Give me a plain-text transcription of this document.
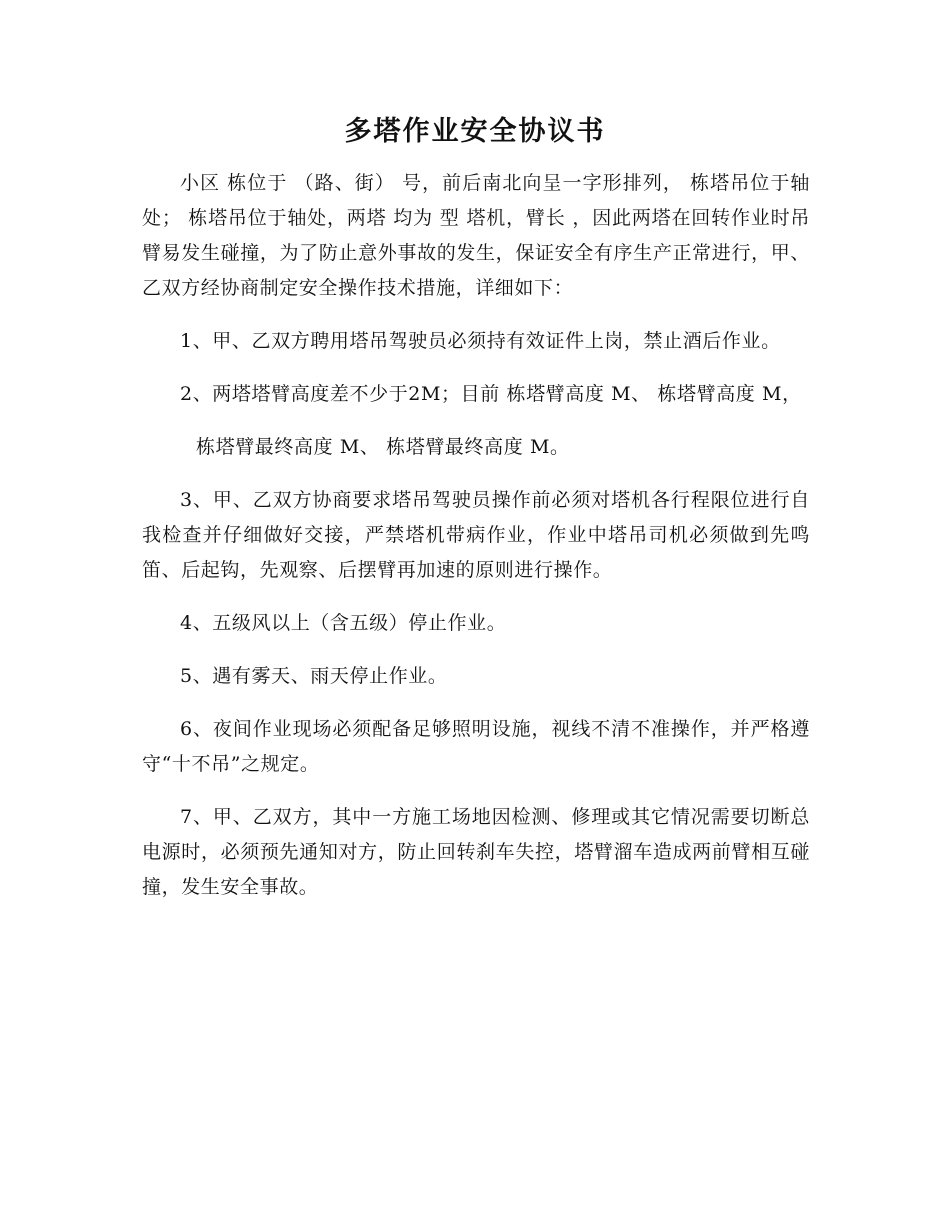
多塔作业安全协议书

小区 栋位于 （路、街） 号，前后南北向呈一字形排列， 栋塔吊位于轴处； 栋塔吊位于轴处，两塔 均为 型 塔机，臂长 ，因此两塔在回转作业时吊臂易发生碰撞，为了防止意外事故的发生，保证安全有序生产正常进行，甲、乙双方经协商制定安全操作技术措施，详细如下：

1、甲、乙双方聘用塔吊驾驶员必须持有效证件上岗，禁止酒后作业。

2、两塔塔臂高度差不少于2M；目前 栋塔臂高度 M、 栋塔臂高度 M，

栋塔臂最终高度 M、 栋塔臂最终高度 M。

3、甲、乙双方协商要求塔吊驾驶员操作前必须对塔机各行程限位进行自我检查并仔细做好交接，严禁塔机带病作业，作业中塔吊司机必须做到先鸣笛、后起钩，先观察、后摆臂再加速的原则进行操作。

4、五级风以上（含五级）停止作业。

5、遇有雾天、雨天停止作业。

6、夜间作业现场必须配备足够照明设施，视线不清不准操作，并严格遵守“十不吊”之规定。

7、甲、乙双方，其中一方施工场地因检测、修理或其它情况需要切断总电源时，必须预先通知对方，防止回转刹车失控，塔臂溜车造成两前臂相互碰撞，发生安全事故。
